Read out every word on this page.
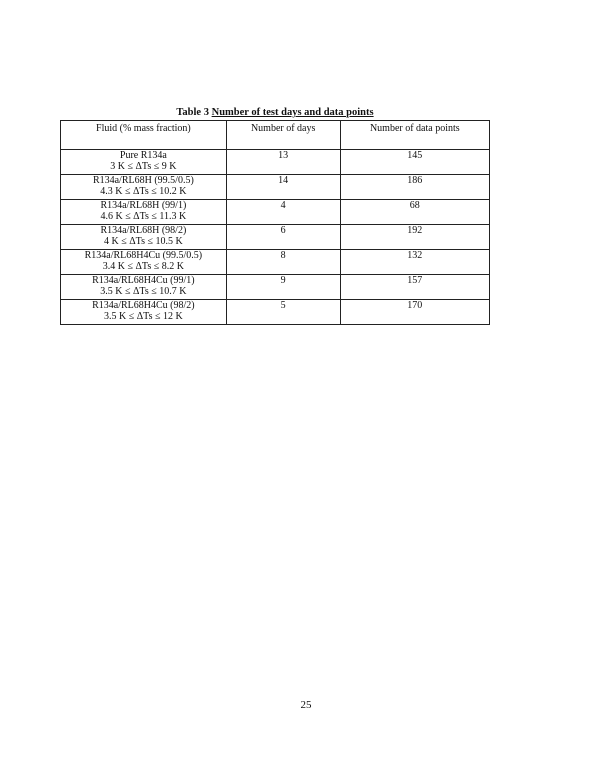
Table 3 Number of test days and data points
Fluid (% mass fraction)	Number of days	Number of data points

Pure R134a
3 K ≤ ΔTs ≤ 9 K	13	145

R134a/RL68H (99.5/0.5)
4.3 K ≤ ΔTs ≤ 10.2 K	14	186

R134a/RL68H (99/1)
4.6 K ≤ ΔTs ≤ 11.3 K	4	68

R134a/RL68H (98/2)
4 K ≤ ΔTs ≤ 10.5 K	6	192

R134a/RL68H4Cu (99.5/0.5)
3.4 K ≤ ΔTs ≤ 8.2 K	8	132

R134a/RL68H4Cu (99/1)
3.5 K ≤ ΔTs ≤ 10.7 K	9	157

R134a/RL68H4Cu (98/2)
3.5 K ≤ ΔTs ≤ 12 K	5	170
25
